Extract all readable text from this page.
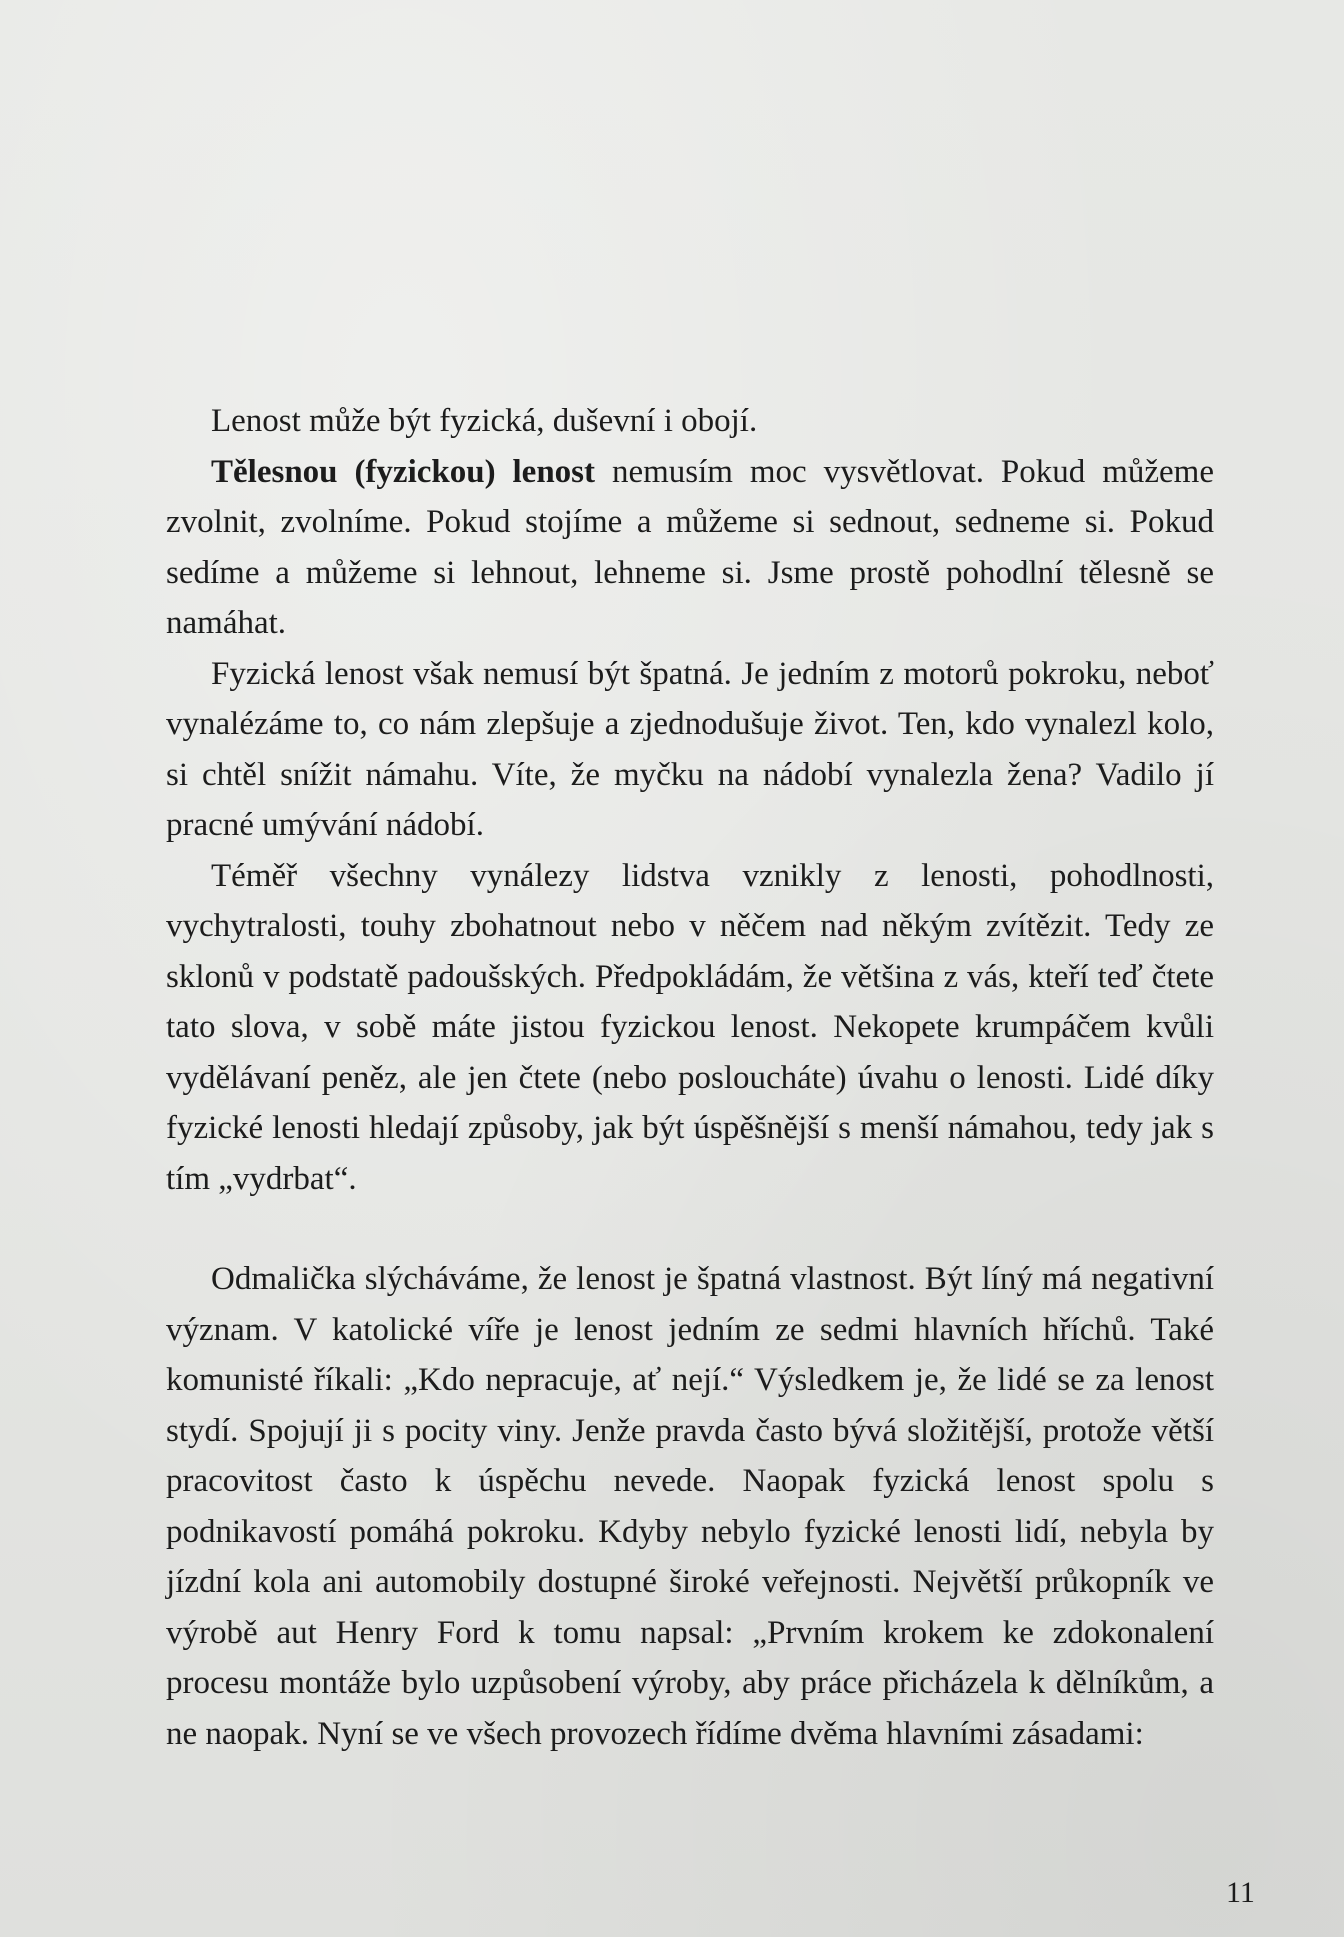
Lenost může být fyzická, duševní i obojí.

Tělesnou (fyzickou) lenost nemusím moc vysvětlovat. Pokud můžeme zvolnit, zvolníme. Pokud stojíme a můžeme si sednout, sedneme si. Pokud sedíme a můžeme si lehnout, lehneme si. Jsme prostě pohodlní tělesně se namáhat.

Fyzická lenost však nemusí být špatná. Je jedním z motorů pokroku, neboť vynalézáme to, co nám zlepšuje a zjednodušuje život. Ten, kdo vynalezl kolo, si chtěl snížit námahu. Víte, že myčku na nádobí vynalezla žena? Vadilo jí pracné umývání nádobí.

Téměř všechny vynálezy lidstva vznikly z lenosti, pohodlnosti, vychytralosti, touhy zbohatnout nebo v něčem nad někým zvítězit. Tedy ze sklonů v podstatě padoušských. Předpokládám, že většina z vás, kteří teď čtete tato slova, v sobě máte jistou fyzickou lenost. Nekopete krumpáčem kvůli vydělávaní peněz, ale jen čtete (nebo posloucháte) úvahu o lenosti. Lidé díky fyzické lenosti hledají způsoby, jak být úspěšnější s menší námahou, tedy jak s tím „vydrbat“.

Odmalička slýcháváme, že lenost je špatná vlastnost. Být líný má negativní význam. V katolické víře je lenost jedním ze sedmi hlavních hříchů. Také komunisté říkali: „Kdo nepracuje, ať nejí.“ Výsledkem je, že lidé se za lenost stydí. Spojují ji s pocity viny. Jenže pravda často bývá složitější, protože větší pracovitost často k úspěchu nevede. Naopak fyzická lenost spolu s podnikavostí pomáhá pokroku. Kdyby nebylo fyzické lenosti lidí, nebyla by jízdní kola ani automobily dostupné široké veřejnosti. Největší průkopník ve výrobě aut Henry Ford k tomu napsal: „Prvním krokem ke zdokonalení procesu montáže bylo uzpůsobení výroby, aby práce přicházela k dělníkům, a ne naopak. Nyní se ve všech provozech řídíme dvěma hlavními zásadami:

11
